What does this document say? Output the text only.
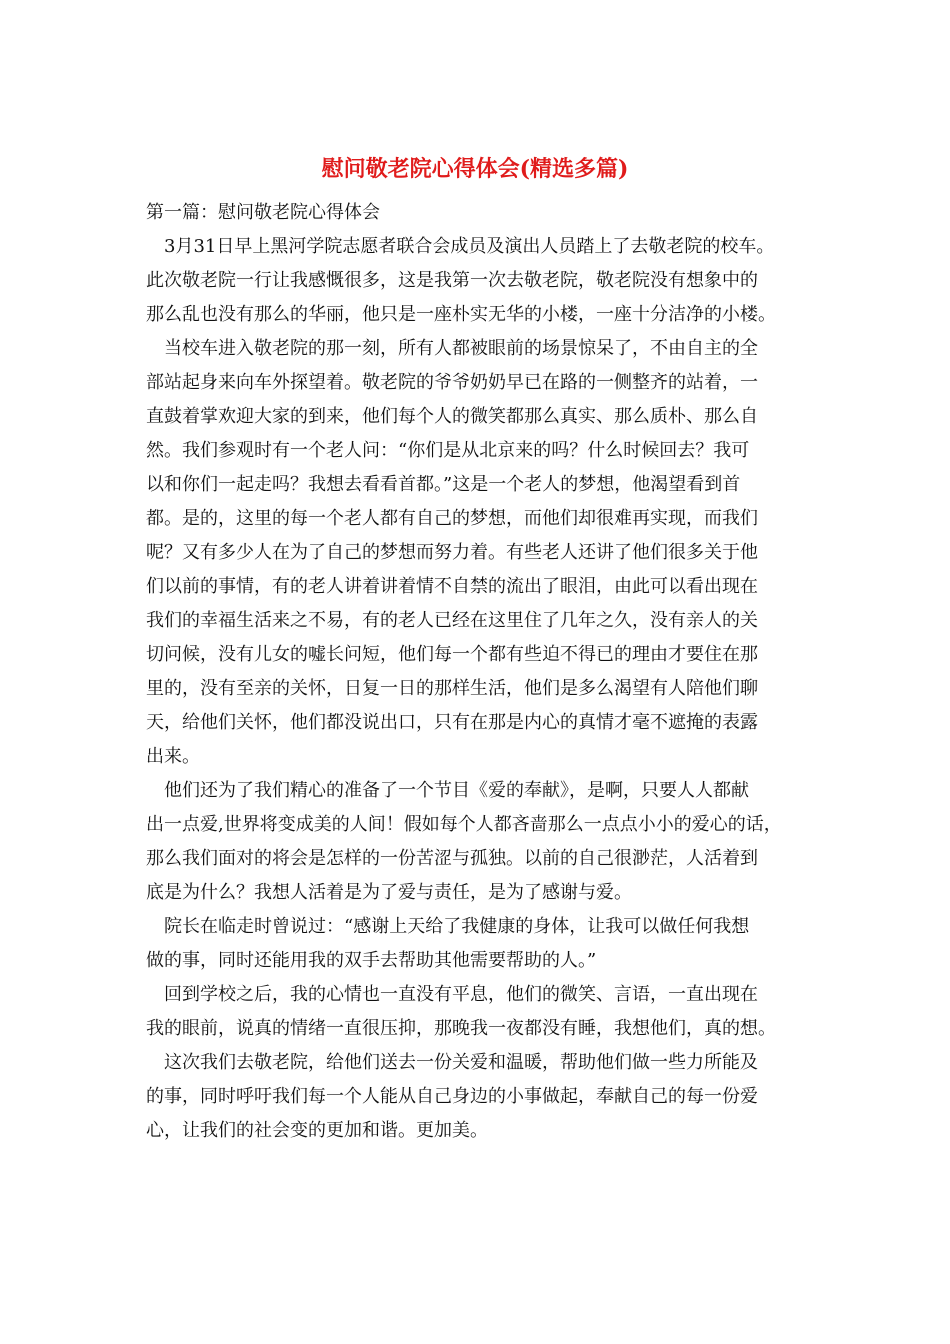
慰问敬老院心得体会(精选多篇)
第一篇：慰问敬老院心得体会
3月31日早上黑河学院志愿者联合会成员及演出人员踏上了去敬老院的校车。
此次敬老院一行让我感慨很多，这是我第一次去敬老院，敬老院没有想象中的
那么乱也没有那么的华丽，他只是一座朴实无华的小楼，一座十分洁净的小楼。
当校车进入敬老院的那一刻，所有人都被眼前的场景惊呆了，不由自主的全
部站起身来向车外探望着。敬老院的爷爷奶奶早已在路的一侧整齐的站着，一
直鼓着掌欢迎大家的到来，他们每个人的微笑都那么真实、那么质朴、那么自
然。我们参观时有一个老人问：“你们是从北京来的吗？什么时候回去？我可
以和你们一起走吗？我想去看看首都。”这是一个老人的梦想，他渴望看到首
都。是的，这里的每一个老人都有自己的梦想，而他们却很难再实现，而我们
呢？又有多少人在为了自己的梦想而努力着。有些老人还讲了他们很多关于他
们以前的事情，有的老人讲着讲着情不自禁的流出了眼泪，由此可以看出现在
我们的幸福生活来之不易，有的老人已经在这里住了几年之久，没有亲人的关
切问候，没有儿女的嘘长问短，他们每一个都有些迫不得已的理由才要住在那
里的，没有至亲的关怀，日复一日的那样生活，他们是多么渴望有人陪他们聊
天，给他们关怀，他们都没说出口，只有在那是内心的真情才毫不遮掩的表露
出来。
他们还为了我们精心的准备了一个节目《爱的奉献》，是啊，只要人人都献
出一点爱,世界将变成美的人间！假如每个人都吝啬那么一点点小小的爱心的话，
那么我们面对的将会是怎样的一份苦涩与孤独。以前的自己很渺茫，人活着到
底是为什么？我想人活着是为了爱与责任，是为了感谢与爱。
院长在临走时曾说过：“感谢上天给了我健康的身体，让我可以做任何我想
做的事，同时还能用我的双手去帮助其他需要帮助的人。”
回到学校之后，我的心情也一直没有平息，他们的微笑、言语，一直出现在
我的眼前，说真的情绪一直很压抑，那晚我一夜都没有睡，我想他们，真的想。
这次我们去敬老院，给他们送去一份关爱和温暖，帮助他们做一些力所能及
的事，同时呼吁我们每一个人能从自己身边的小事做起，奉献自己的每一份爱
心，让我们的社会变的更加和谐。更加美。
